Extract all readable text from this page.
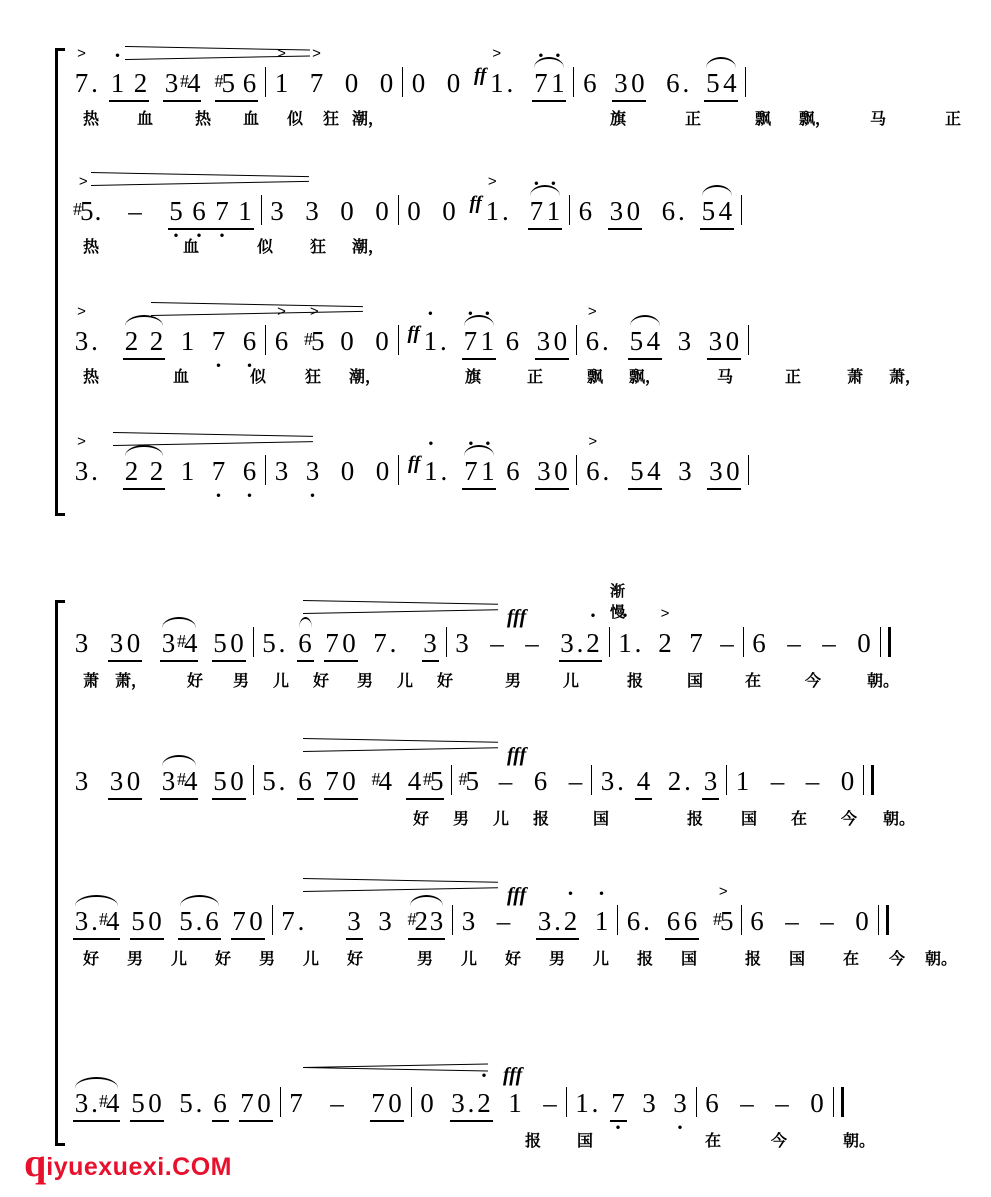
> 7 . · 1 2 3#4 #5 6 > 1 > 7 0 0 0 0 ff > 1 . · 7 · 1 6 3 0 6 . 5 4
热 血	热 血 似 狂 潮，	旗	正	飘 飘， 马	正
> #5 . – 5 · 6 · 7 · 1 3 3 0 0 0 0 ff > 1 . · 7 · 1 6 3 0 6 . 5 4
热	血	似 狂 潮，
> 3 . 2 2 1 7 · 6 · > 6 > #5 0 0 ff · 1 . · 7 · 1 6 3 0 > 6 . 5 4 3 3 0
热	血	似 狂 潮，	旗	正	飘 飘，	马	正	萧 萧，
> 3 . 2 2 1 7 · 6 · 3 3 · 0 0 ff · 1 . · 7 · 1 6 3 0 > 6 . 5 4 3 3 0
渐慢
fff
3 3 0 3#4 5 0 5 . 6 7 0 7 . 3 3 – – 3 . · 2 · 1 . > 2 7 – 6 – – 0
萧 萧， 好 男 儿 好 男 儿 好	男	儿	报	国	在	今	朝。
fff
3 3 0 3#4 5 0 5 . 6 7 0 #4 4#5 #5 – 6 – 3 . 4 2 . 3 1 – – 0
好 男 儿 报	国	报 国 在 今 朝。
fff
3 .#4 5 0 5 . 6 7 0 7 . 3 3 #23 3 – 3 . · 2 · 1 6 . 6 6 > #5 6 – – 0
好 男 儿 好 男 儿 好	男 儿 好 男 儿 报 国	报 国 在 今 朝。
fff
3 .#4 5 0 5 . 6 7 0 7 – 7 0 0 3 . · 2 1 – 1 . 7 · 3 3 · 6 – – 0
报 国	在	今	朝。
q iyuexuexi.COM
